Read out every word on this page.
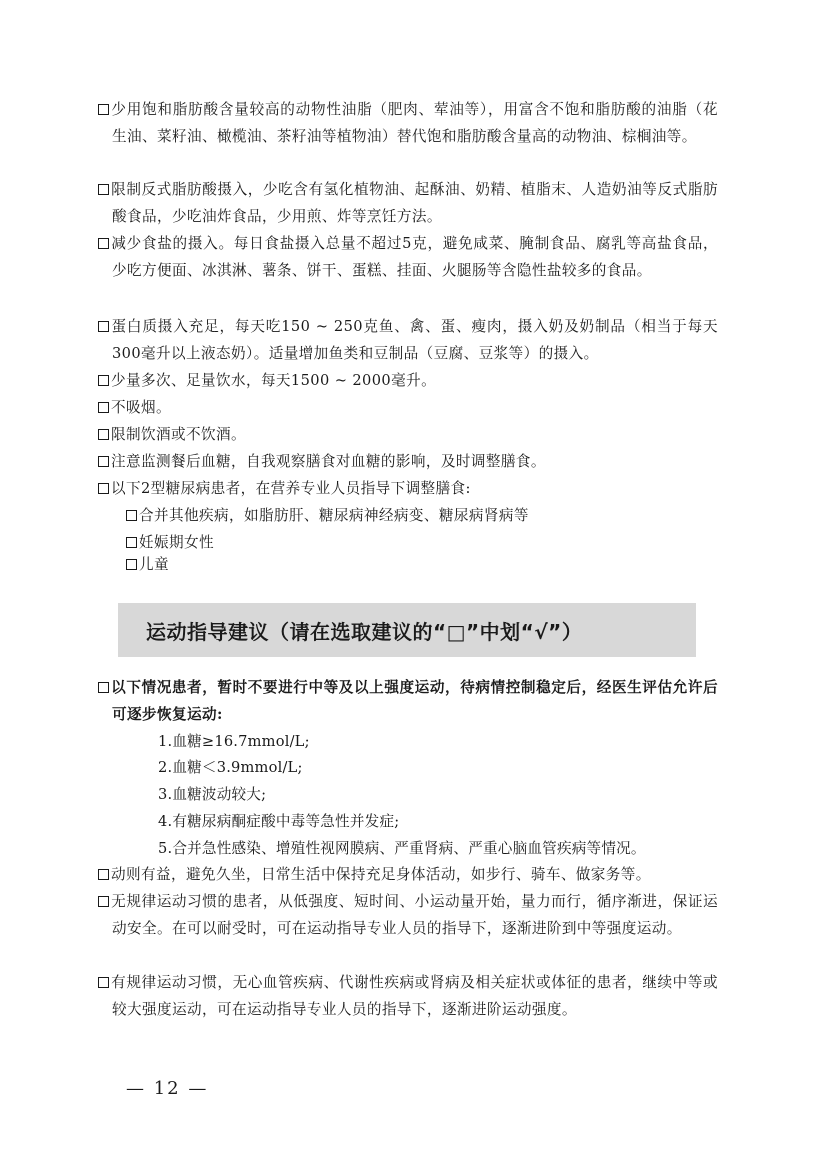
少用饱和脂肪酸含量较高的动物性油脂（肥肉、荤油等），用富含不饱和脂肪酸的油脂（花生油、菜籽油、橄榄油、茶籽油等植物油）替代饱和脂肪酸含量高的动物油、棕榈油等。
限制反式脂肪酸摄入，少吃含有氢化植物油、起酥油、奶精、植脂末、人造奶油等反式脂肪酸食品，少吃油炸食品，少用煎、炸等烹饪方法。
减少食盐的摄入。每日食盐摄入总量不超过5克，避免咸菜、腌制食品、腐乳等高盐食品，少吃方便面、冰淇淋、薯条、饼干、蛋糕、挂面、火腿肠等含隐性盐较多的食品。
蛋白质摄入充足，每天吃150 ~ 250克鱼、禽、蛋、瘦肉，摄入奶及奶制品（相当于每天300毫升以上液态奶）。适量增加鱼类和豆制品（豆腐、豆浆等）的摄入。
少量多次、足量饮水，每天1500 ~ 2000毫升。
不吸烟。
限制饮酒或不饮酒。
注意监测餐后血糖，自我观察膳食对血糖的影响，及时调整膳食。
以下2型糖尿病患者，在营养专业人员指导下调整膳食:
合并其他疾病，如脂肪肝、糖尿病神经病变、糖尿病肾病等
妊娠期女性
儿童
运动指导建议（请在选取建议的“□”中划“√”）
以下情况患者，暂时不要进行中等及以上强度运动，待病情控制稳定后，经医生评估允许后可逐步恢复运动:
1.血糖≥16.7mmol/L;
2.血糖＜3.9mmol/L;
3.血糖波动较大;
4.有糖尿病酮症酸中毒等急性并发症;
5.合并急性感染、增殖性视网膜病、严重肾病、严重心脑血管疾病等情况。
动则有益，避免久坐，日常生活中保持充足身体活动，如步行、骑车、做家务等。
无规律运动习惯的患者，从低强度、短时间、小运动量开始，量力而行，循序渐进，保证运动安全。在可以耐受时，可在运动指导专业人员的指导下，逐渐进阶到中等强度运动。
有规律运动习惯，无心血管疾病、代谢性疾病或肾病及相关症状或体征的患者，继续中等或较大强度运动，可在运动指导专业人员的指导下，逐渐进阶运动强度。
— 12 —
